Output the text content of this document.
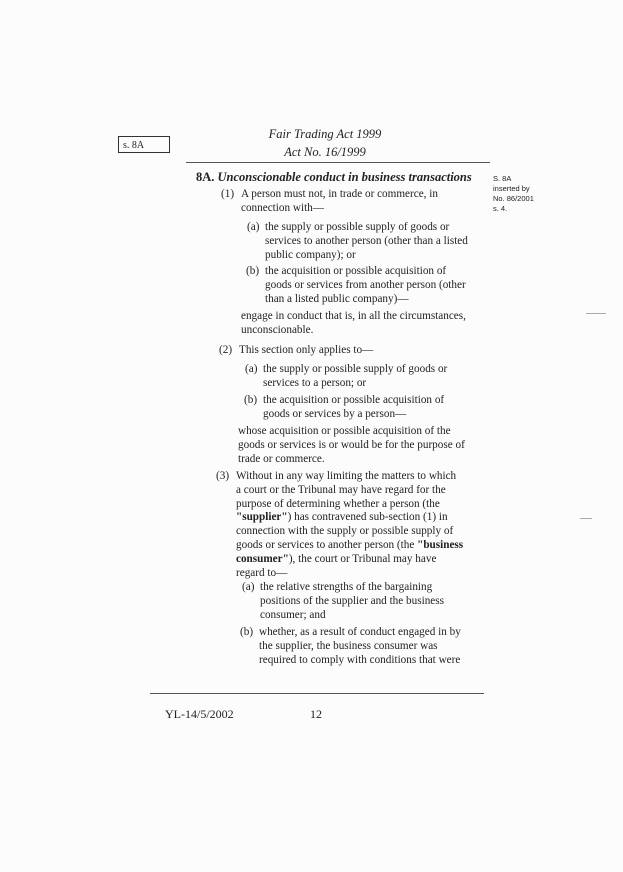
s. 8A
Fair Trading Act 1999
Act No. 16/1999
8A. Unconscionable conduct in business transactions	S. 8A
inserted by
No. 86/2001
s. 4.
(1) A person must not, in trade or commerce, in
connection with—
(a) the supply or possible supply of goods or
services to another person (other than a listed
public company); or
(b) the acquisition or possible acquisition of
goods or services from another person (other
than a listed public company)—
engage in conduct that is, in all the circumstances,
unconscionable.
(2) This section only applies to—
(a) the supply or possible supply of goods or
services to a person; or
(b) the acquisition or possible acquisition of
goods or services by a person—
whose acquisition or possible acquisition of the
goods or services is or would be for the purpose of
trade or commerce.
(3) Without in any way limiting the matters to which
a court or the Tribunal may have regard for the
purpose of determining whether a person (the
"supplier") has contravened sub-section (1) in
connection with the supply or possible supply of
goods or services to another person (the "business
consumer"), the court or Tribunal may have
regard to—
(a) the relative strengths of the bargaining
positions of the supplier and the business
consumer; and
(b) whether, as a result of conduct engaged in by
the supplier, the business consumer was
required to comply with conditions that were
YL-14/5/2002	12
